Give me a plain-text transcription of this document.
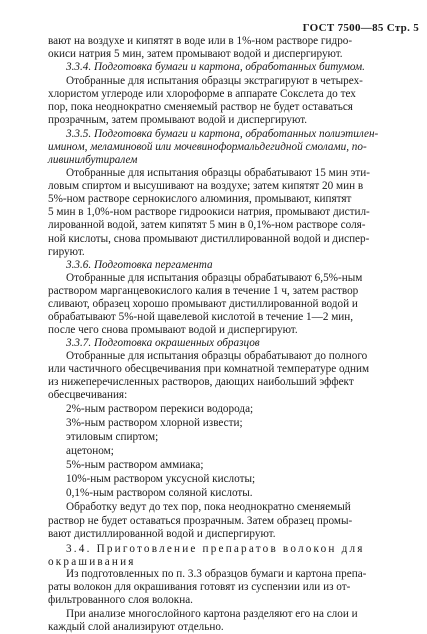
ГОСТ 7500—85 Стр. 5
вают на воздухе и кипятят в воде или в 1%-ном растворе гидро-
окиси натрия 5 мин, затем промывают водой и диспергируют.
3.3.4. Подготовка бумаги и картона, обработанных битумом.
Отобранные для испытания образцы экстрагируют в четырех-
хлористом углероде или хлороформе в аппарате Сокслета до тех
пор, пока неоднократно сменяемый раствор не будет оставаться
прозрачным, затем промывают водой и диспергируют.
3.3.5. Подготовка бумаги и картона, обработанных полиэтилен-
иминoм, меламиновой или мочевиноформальдегидной смолами, по-
ливинилбутиралем
Отобранные для испытания образцы обрабатывают 15 мин эти-
ловым спиртом и высушивают на воздухе; затем кипятят 20 мин в
5%-ном растворе сернокислого алюминия, промывают, кипятят
5 мин в 1,0%-ном растворе гидроокиси натрия, промывают дистил-
лированной водой, затем кипятят 5 мин в 0,1%-ном растворе соля-
ной кислоты, снова промывают дистиллированной водой и диспер-
гируют.
3.3.6. Подготовка пергамента
Отобранные для испытания образцы обрабатывают 6,5%-ным
раствором марганцевокислого калия в течение 1 ч, затем раствор
сливают, образец хорошо промывают дистиллированной водой и
обрабатывают 5%-ной щавелевой кислотой в течение 1—2 мин,
после чего снова промывают водой и диспергируют.
3.3.7. Подготовка окрашенных образцов
Отобранные для испытания образцы обрабатывают до полного
или частичного обесцвечивания при комнатной температуре одним
из нижеперечисленных растворов, дающих наибольший эффект
обесцвечивания:
2%-ным раствором перекиси водорода;
3%-ным раствором хлорной извести;
этиловым спиртом;
ацетоном;
5%-ным раствором аммиака;
10%-ным раствором уксусной кислоты;
0,1%-ным раствором соляной кислоты.
Обработку ведут до тех пор, пока неоднократно сменяемый
раствор не будет оставаться прозрачным. Затем образец промы-
вают дистиллированной водой и диспергируют.
3.4. Приготовление препаратов волокон для
окрашивания
Из подготовленных по п. 3.3 образцов бумаги и картона препа-
раты волокон для окрашивания готовят из суспензии или из от-
фильтрованного слоя волокна.
При анализе многослойного картона разделяют его на слои и
каждый слой анализируют отдельно.
